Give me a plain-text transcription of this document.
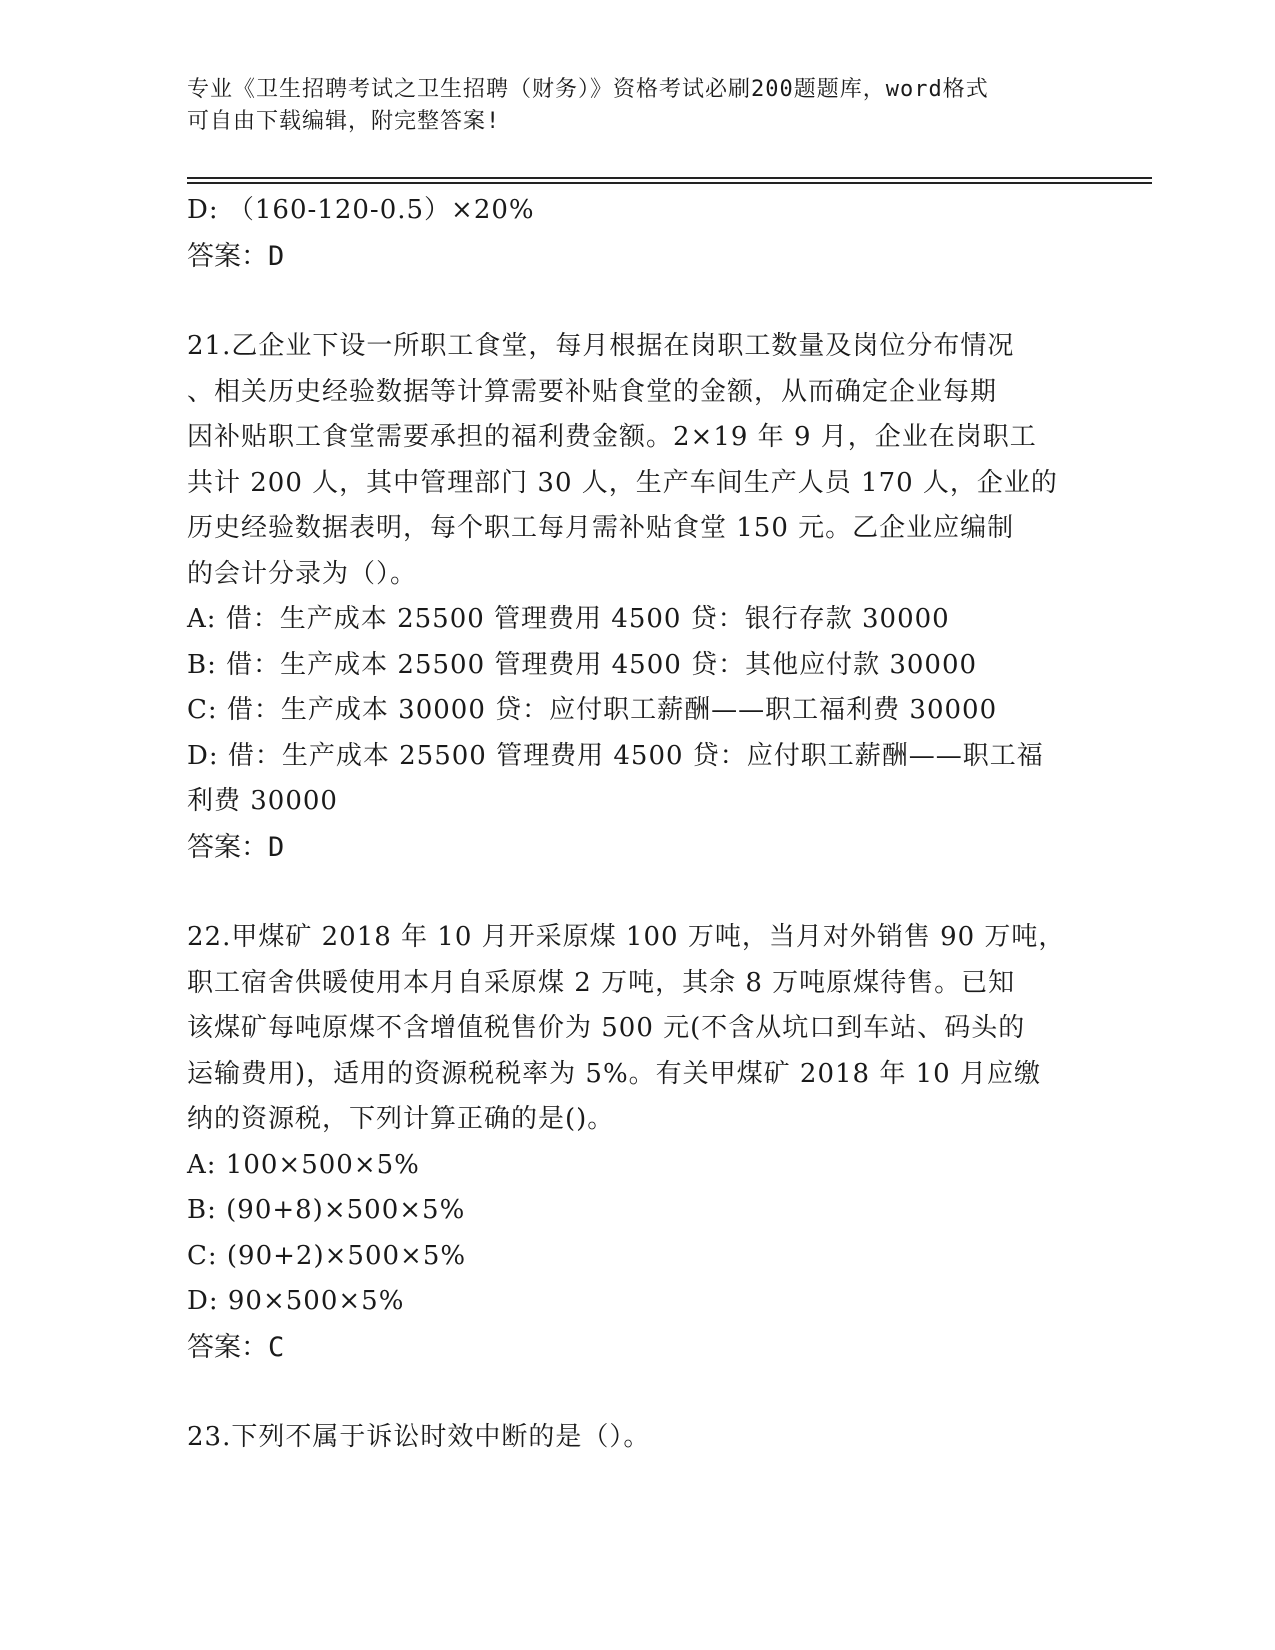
专业《卫生招聘考试之卫生招聘（财务）》资格考试必刷200题题库，word格式
可自由下载编辑，附完整答案!

D: （160-120-0.5）×20%

答案：D

21.乙企业下设一所职工食堂，每月根据在岗职工数量及岗位分布情况

、相关历史经验数据等计算需要补贴食堂的金额，从而确定企业每期

因补贴职工食堂需要承担的福利费金额。2×19 年 9 月，企业在岗职工

共计 200 人，其中管理部门 30 人，生产车间生产人员 170 人，企业的

历史经验数据表明，每个职工每月需补贴食堂 150 元。乙企业应编制

的会计分录为（）。

A: 借：生产成本 25500 管理费用 4500 贷：银行存款 30000

B: 借：生产成本 25500 管理费用 4500 贷：其他应付款 30000

C: 借：生产成本 30000 贷：应付职工薪酬——职工福利费 30000

D: 借：生产成本 25500 管理费用 4500 贷：应付职工薪酬——职工福

利费 30000

答案：D

22.甲煤矿 2018 年 10 月开采原煤 100 万吨，当月对外销售 90 万吨，

职工宿舍供暖使用本月自采原煤 2 万吨，其余 8 万吨原煤待售。已知

该煤矿每吨原煤不含增值税售价为 500 元(不含从坑口到车站、码头的

运输费用)，适用的资源税税率为 5%。有关甲煤矿 2018 年 10 月应缴

纳的资源税，下列计算正确的是()。

A: 100×500×5%

B: (90+8)×500×5%

C: (90+2)×500×5%

D: 90×500×5%

答案：C

23.下列不属于诉讼时效中断的是（）。
